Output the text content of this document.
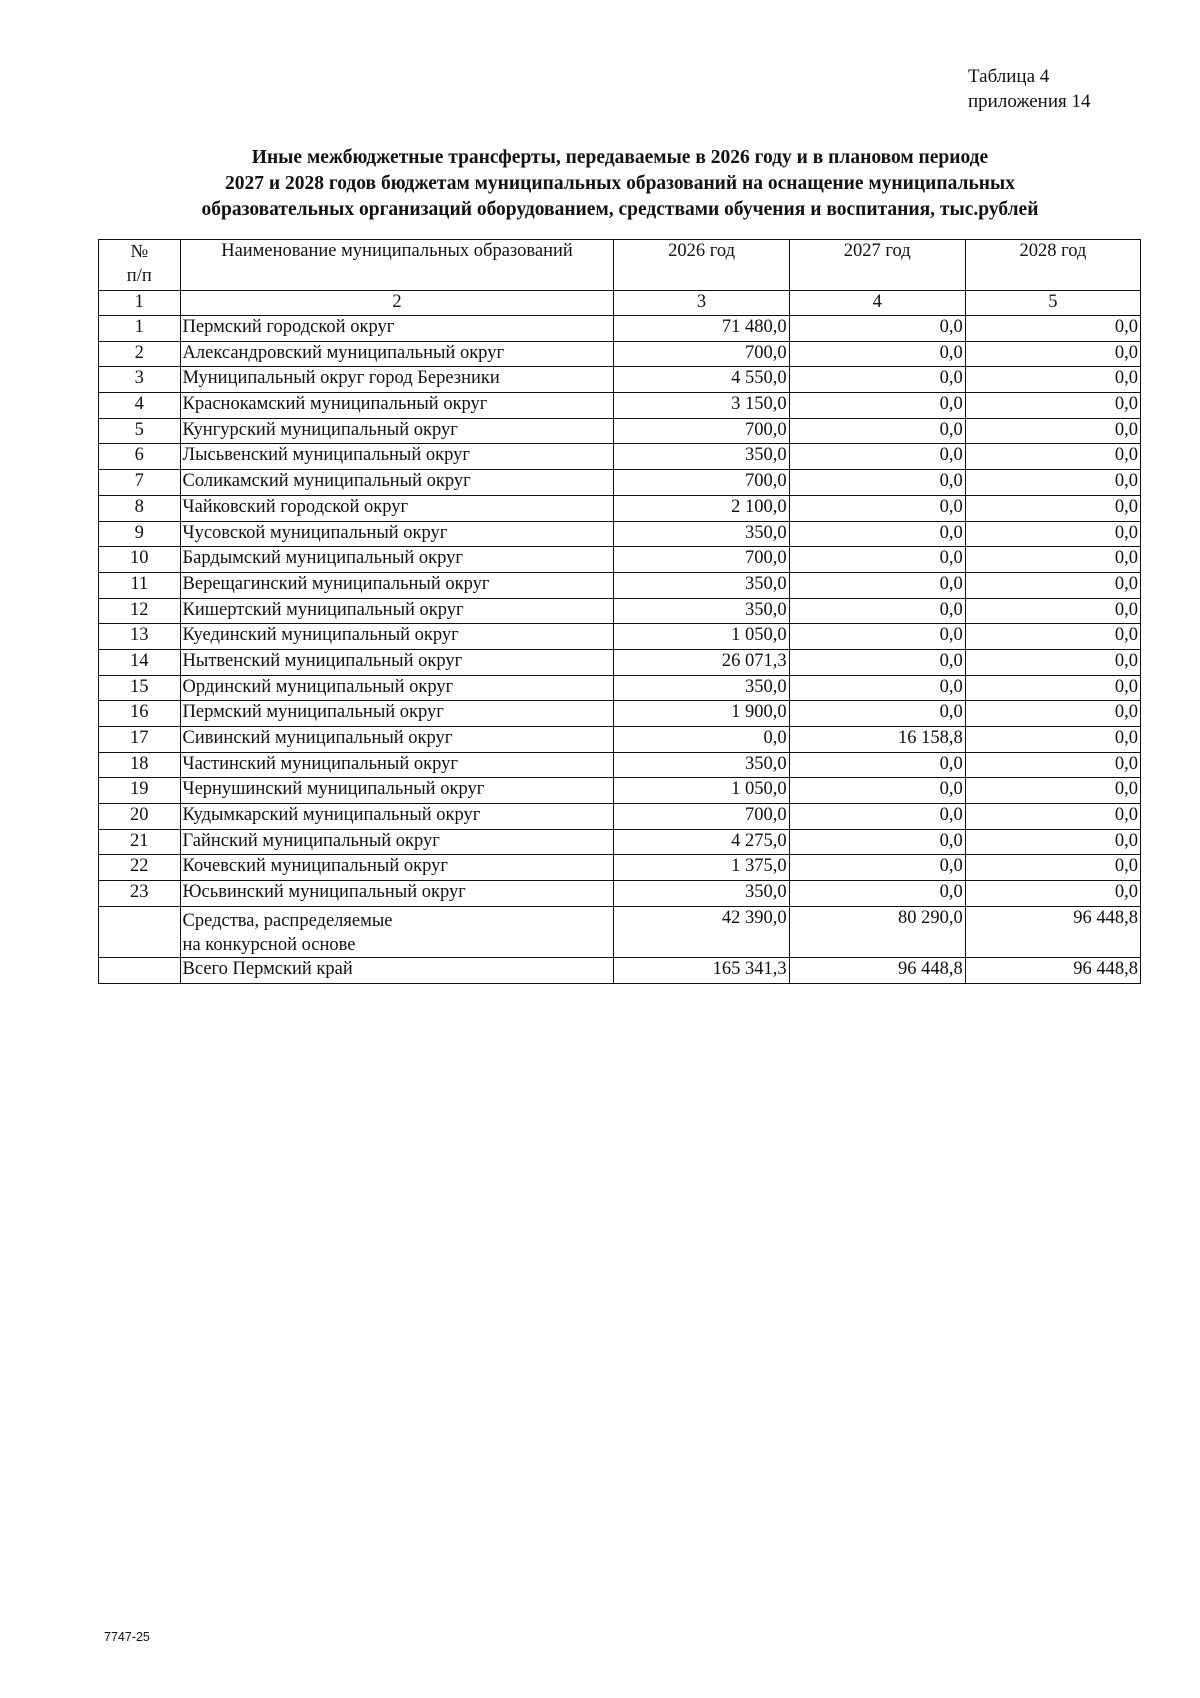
Таблица 4
приложения 14
Иные межбюджетные трансферты, передаваемые в 2026 году и в плановом периоде
2027 и 2028 годов бюджетам муниципальных образований на оснащение муниципальных
образовательных организаций оборудованием, средствами обучения и воспитания, тыс.рублей
№
п/п	Наименование муниципальных образований	2026 год	2027 год	2028 год
1	2	3	4	5
1	Пермский городской округ	71 480,0	0,0	0,0
2	Александровский муниципальный округ	700,0	0,0	0,0
3	Муниципальный округ город Березники	4 550,0	0,0	0,0
4	Краснокамский муниципальный округ	3 150,0	0,0	0,0
5	Кунгурский муниципальный округ	700,0	0,0	0,0
6	Лысьвенский муниципальный округ	350,0	0,0	0,0
7	Соликамский муниципальный округ	700,0	0,0	0,0
8	Чайковский городской округ	2 100,0	0,0	0,0
9	Чусовской муниципальный округ	350,0	0,0	0,0
10	Бардымский муниципальный округ	700,0	0,0	0,0
11	Верещагинский муниципальный округ	350,0	0,0	0,0
12	Кишертский муниципальный округ	350,0	0,0	0,0
13	Куединский муниципальный округ	1 050,0	0,0	0,0
14	Нытвенский муниципальный округ	26 071,3	0,0	0,0
15	Ординский муниципальный округ	350,0	0,0	0,0
16	Пермский муниципальный округ	1 900,0	0,0	0,0
17	Сивинский муниципальный округ	0,0	16 158,8	0,0
18	Частинский муниципальный округ	350,0	0,0	0,0
19	Чернушинский муниципальный округ	1 050,0	0,0	0,0
20	Кудымкарский муниципальный округ	700,0	0,0	0,0
21	Гайнский муниципальный округ	4 275,0	0,0	0,0
22	Кочевский муниципальный округ	1 375,0	0,0	0,0
23	Юсьвинский муниципальный округ	350,0	0,0	0,0

	Средства, распределяемые
на конкурсной основе	42 390,0	80 290,0	96 448,8
	Всего Пермский край	165 341,3	96 448,8	96 448,8
7747-25
